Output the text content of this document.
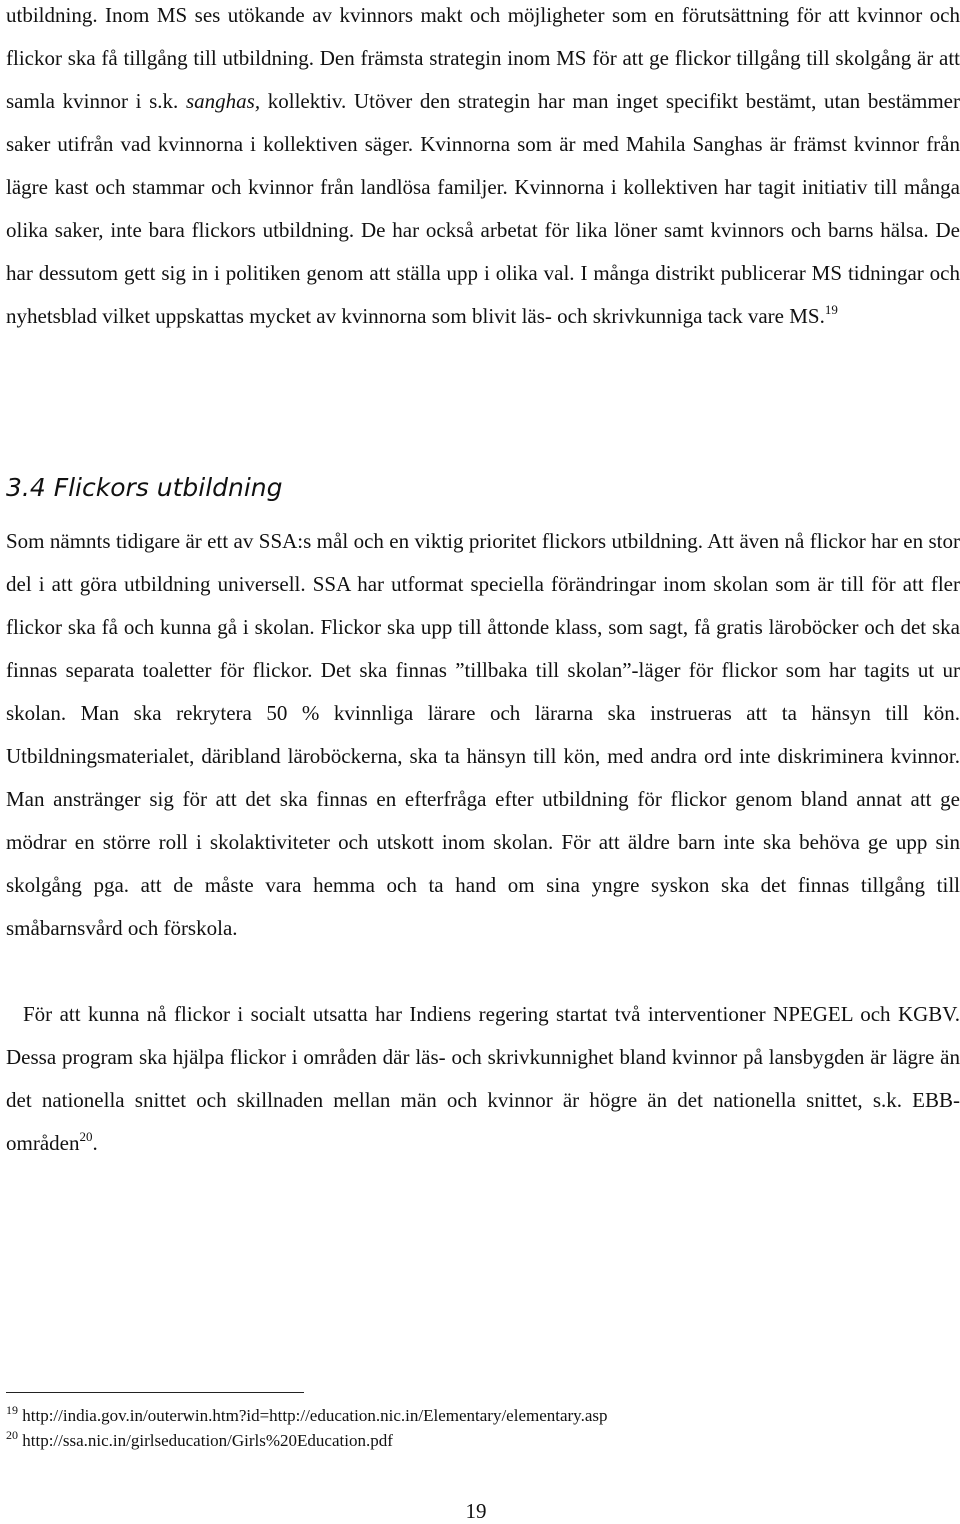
utbildning. Inom MS ses utökande av kvinnors makt och möjligheter som en förutsättning för att kvinnor och flickor ska få tillgång till utbildning. Den främsta strategin inom MS för att ge flickor tillgång till skolgång är att samla kvinnor i s.k. sanghas, kollektiv. Utöver den strategin har man inget specifikt bestämt, utan bestämmer saker utifrån vad kvinnorna i kollektiven säger. Kvinnorna som är med Mahila Sanghas är främst kvinnor från lägre kast och stammar och kvinnor från landlösa familjer. Kvinnorna i kollektiven har tagit initiativ till många olika saker, inte bara flickors utbildning. De har också arbetat för lika löner samt kvinnors och barns hälsa. De har dessutom gett sig in i politiken genom att ställa upp i olika val. I många distrikt publicerar MS tidningar och nyhetsblad vilket uppskattas mycket av kvinnorna som blivit läs- och skrivkunniga tack vare MS.$^{19}$

3.4 Flickors utbildning

Som nämnts tidigare är ett av SSA:s mål och en viktig prioritet flickors utbildning. Att även nå flickor har en stor del i att göra utbildning universell. SSA har utformat speciella förändringar inom skolan som är till för att fler flickor ska få och kunna gå i skolan. Flickor ska upp till åttonde klass, som sagt, få gratis läroböcker och det ska finnas separata toaletter för flickor. Det ska finnas ”tillbaka till skolan”-läger för flickor som har tagits ut ur skolan. Man ska rekrytera 50 % kvinnliga lärare och lärarna ska instrueras att ta hänsyn till kön. Utbildningsmaterialet, däribland läroböckerna, ska ta hänsyn till kön, med andra ord inte diskriminera kvinnor. Man anstränger sig för att det ska finnas en efterfråga efter utbildning för flickor genom bland annat att ge mödrar en större roll i skolaktiviteter och utskott inom skolan. För att äldre barn inte ska behöva ge upp sin skolgång pga. att de måste vara hemma och ta hand om sina yngre syskon ska det finnas tillgång till småbarnsvård och förskola.

För att kunna nå flickor i socialt utsatta har Indiens regering startat två interventioner NPEGEL och KGBV. Dessa program ska hjälpa flickor i områden där läs- och skrivkunnighet bland kvinnor på lansbygden är lägre än det nationella snittet och skillnaden mellan män och kvinnor är högre än det nationella snittet, s.k. EBB-områden$^{20}$.

$^{19}$ http://india.gov.in/outerwin.htm?id=http://education.nic.in/Elementary/elementary.asp

$^{20}$ http://ssa.nic.in/girlseducation/Girls%20Education.pdf

19
